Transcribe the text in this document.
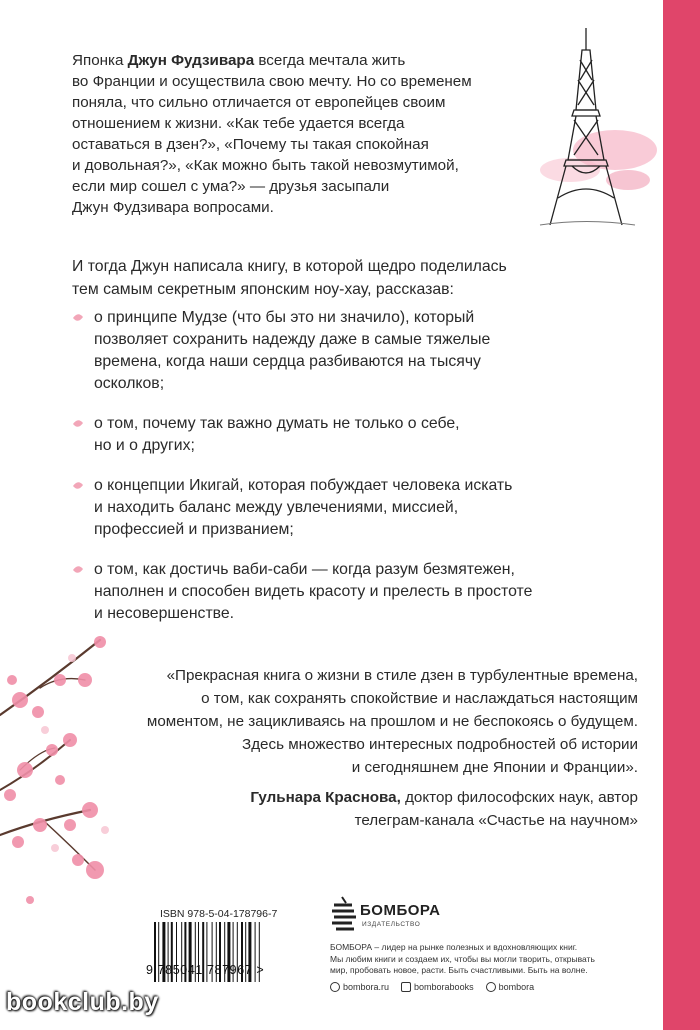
Японка Джун Фудзивара всегда мечтала жить
во Франции и осуществила свою мечту. Но со временем
поняла, что сильно отличается от европейцев своим
отношением к жизни. «Как тебе удается всегда
оставаться в дзен?», «Почему ты такая спокойная
и довольная?», «Как можно быть такой невозмутимой,
если мир сошел с ума?» — друзья засыпали
Джун Фудзивара вопросами.

И тогда Джун написала книгу, в которой щедро поделилась
тем самым секретным японским ноу-хау, рассказав:
о принципе Мудзе (что бы это ни значило), который
позволяет сохранить надежду даже в самые тяжелые
времена, когда наши сердца разбиваются на тысячу
осколков;
о том, почему так важно думать не только о себе,
но и о других;
о концепции Икигай, которая побуждает человека искать
и находить баланс между увлечениями, миссией,
профессией и призванием;
о том, как достичь ваби-саби — когда разум безмятежен,
наполнен и способен видеть красоту и прелесть в простоте
и несовершенстве.
«Прекрасная книга о жизни в стиле дзен в турбулентные времена,
о том, как сохранять спокойствие и наслаждаться настоящим
моментом, не зацикливаясь на прошлом и не беспокоясь о будущем.
Здесь множество интересных подробностей об истории
и сегодняшнем дне Японии и Франции».
Гульнара Краснова, доктор философских наук, автор
телеграм-канала «Счастье на научном»
ISBN 978-5-04-178796-7
9 785041 787967 >
БОМБОРА
ИЗДАТЕЛЬСТВО
БОМБОРА – лидер на рынке полезных и вдохновляющих книг.
Мы любим книги и создаем их, чтобы вы могли творить, открывать
мир, пробовать новое, расти. Быть счастливыми. Быть на волне.
bombora.ru	bomborabooks	bombora
bookclub.by
